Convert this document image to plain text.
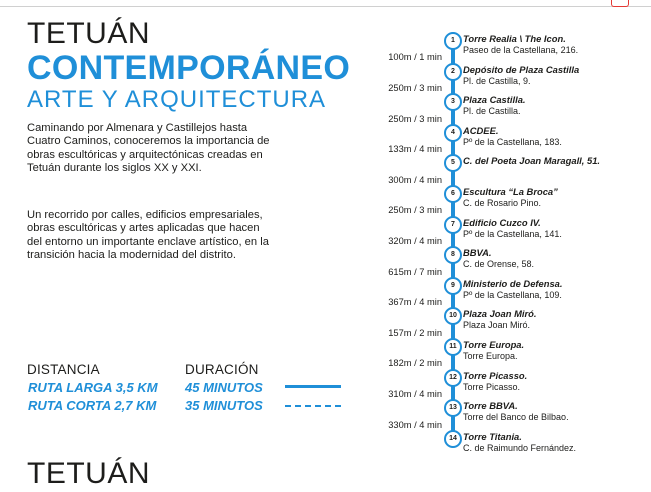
TETUÁN
CONTEMPORÁNEO
ARTE Y ARQUITECTURA

Caminando por Almenara y Castillejos hasta Cuatro Caminos, conoceremos la importancia de obras escultóricas y arquitectónicas creadas en Tetuán durante los siglos XX y XXI.

Un recorrido por calles, edificios empresariales, obras escultóricas y artes aplicadas que hacen del entorno un importante enclave artístico, en la transición hacia la modernidad del distrito.

DISTANCIA	DURACIÓN
RUTA LARGA 3,5 KM 45 MINUTOS
RUTA CORTA 2,7 KM 35 MINUTOS
TETUÁN
1 Torre Realia \ The Icon.
Paseo de la Castellana, 216.
2 Depósito de Plaza Castilla
Pl. de Castilla, 9.
3 Plaza Castilla.
Pl. de Castilla.
4 ACDEE.
Pº de la Castellana, 183.
5 C. del Poeta Joan Maragall, 51.
6 Escultura “La Broca”
C. de Rosario Pino.
7 Edificio Cuzco IV.
Pº de la Castellana, 141.
8 BBVA.
C. de Orense, 58.
9 Ministerio de Defensa.
Pº de la Castellana, 109.
10 Plaza Joan Miró.
Plaza Joan Miró.
11 Torre Europa.
Torre Europa.
12 Torre Picasso.
Torre Picasso.
13 Torre BBVA.
Torre del Banco de Bilbao.
14 Torre Titania.
C. de Raimundo Fernández.
100m / 1 min
250m / 3 min
250m / 3 min
133m / 4 min
300m / 4 min
250m / 3 min
320m / 4 min
615m / 7 min
367m / 4 min
157m / 2 min
182m / 2 min
310m / 4 min
330m / 4 min
